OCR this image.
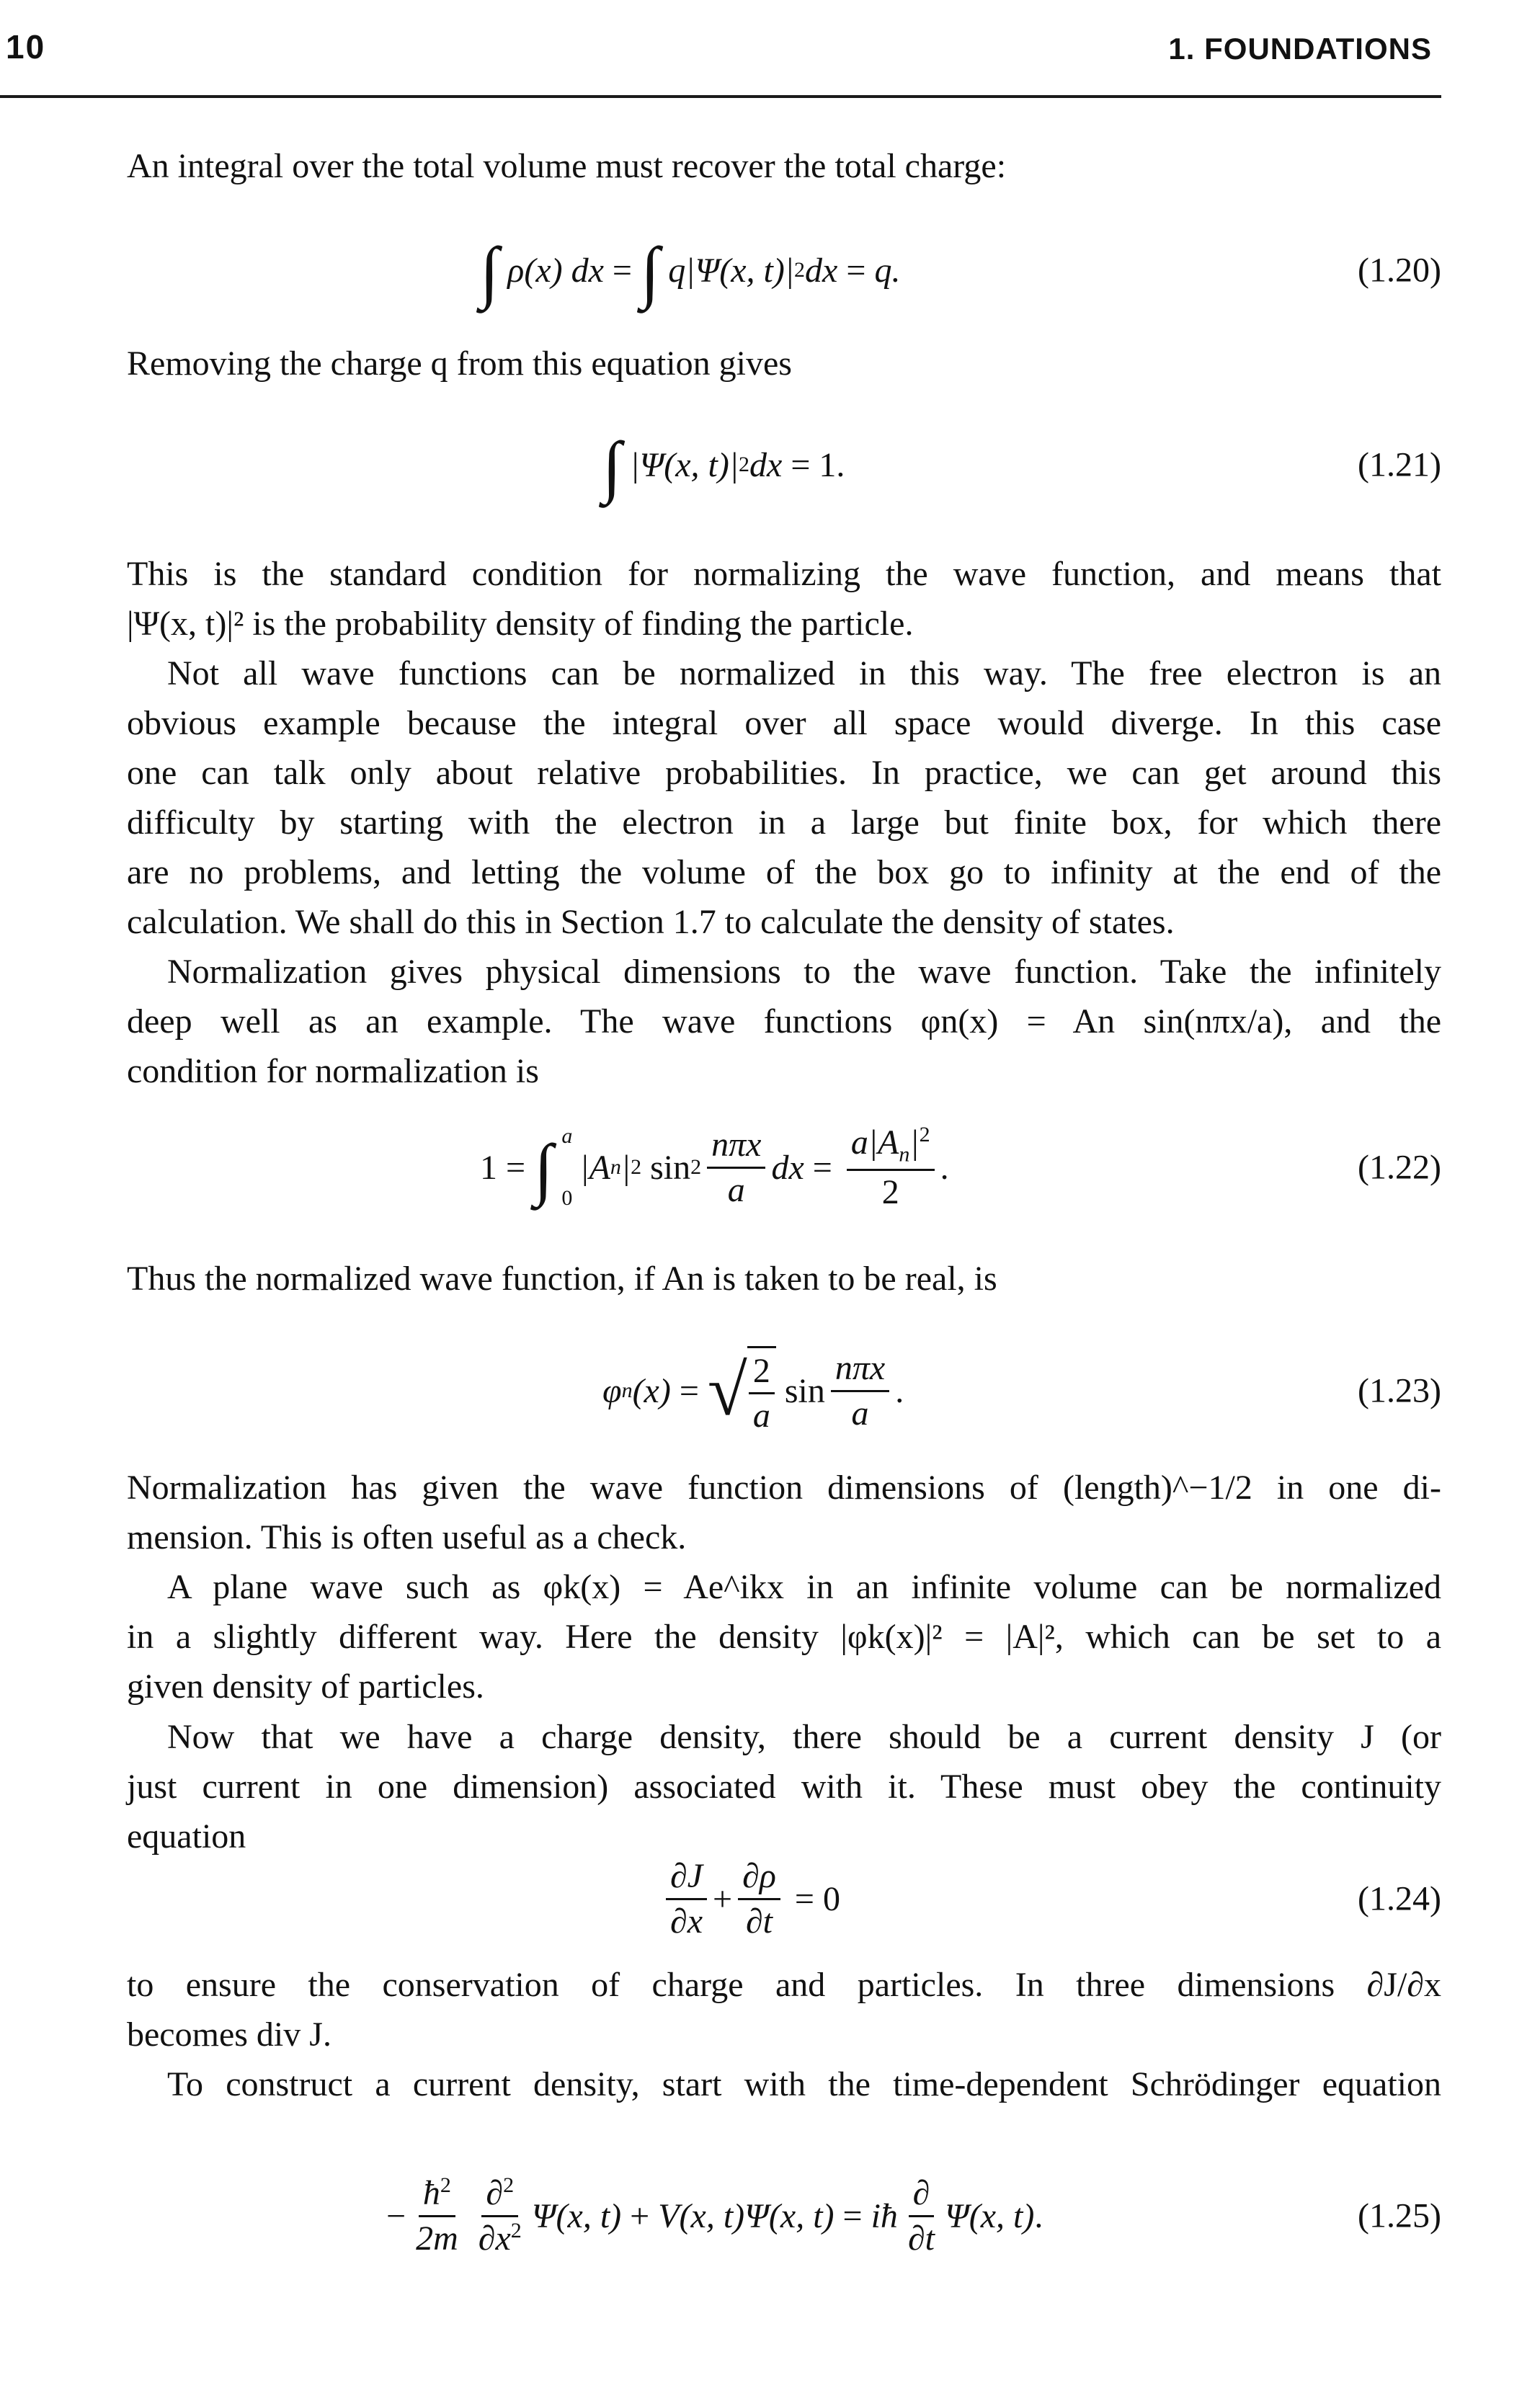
10	1. FOUNDATIONS

An integral over the total volume must recover the total charge:

∫ ρ(x) dx = ∫ q|Ψ(x, t)| 2 dx = q.	(1.20)

Removing the charge q from this equation gives

∫ |Ψ(x, t)| 2 dx = 1.	(1.21)

This is the standard condition for normalizing the wave function, and means that
|Ψ(x, t)|² is the probability density of finding the particle.

Not all wave functions can be normalized in this way. The free electron is an
obvious example because the integral over all space would diverge. In this case
one can talk only about relative probabilities. In practice, we can get around this
difficulty by starting with the electron in a large but finite box, for which there
are no problems, and letting the volume of the box go to infinity at the end of the
calculation. We shall do this in Section 1.7 to calculate the density of states.

Normalization gives physical dimensions to the wave function. Take the infinitely
deep well as an example. The wave functions φn(x) = An sin(nπx/a), and the
condition for normalization is

1 = ∫ a
0
|A n | 2 $\sin 2 \frac{\text{nπx}}{a}$ dx = $\frac{a|A_n|^2}{2}$ .	(1.22)

Thus the normalized wave function, if An is taken to be real, is

φ n (x) = √ $\frac{2}{a}$ $\sin \frac{\text{nπx}}{a}$ .	(1.23)

Normalization has given the wave function dimensions of (length)^−1/2 in one di-
mension. This is often useful as a check.

A plane wave such as φk(x) = Ae^ikx in an infinite volume can be normalized
in a slightly different way. Here the density |φk(x)|² = |A|², which can be set to a
given density of particles.

Now that we have a charge density, there should be a current density J (or
just current in one dimension) associated with it. These must obey the continuity
equation

$\frac{\partial J}{\partial x} + \frac{\partial\rho}{\partial t} = 0$	(1.24)

to ensure the conservation of charge and particles. In three dimensions ∂J/∂x
becomes div J.

To construct a current density, start with the time-dependent Schrödinger equation

− $\frac{ħ^2}{2m} \frac{\partial^2}{\partial x^2} \Psi(x$, t) + V(x, t)Ψ(x, t) = iħ $\frac{\partial}{\partial t} \Psi(x$, t) .	(1.25)
